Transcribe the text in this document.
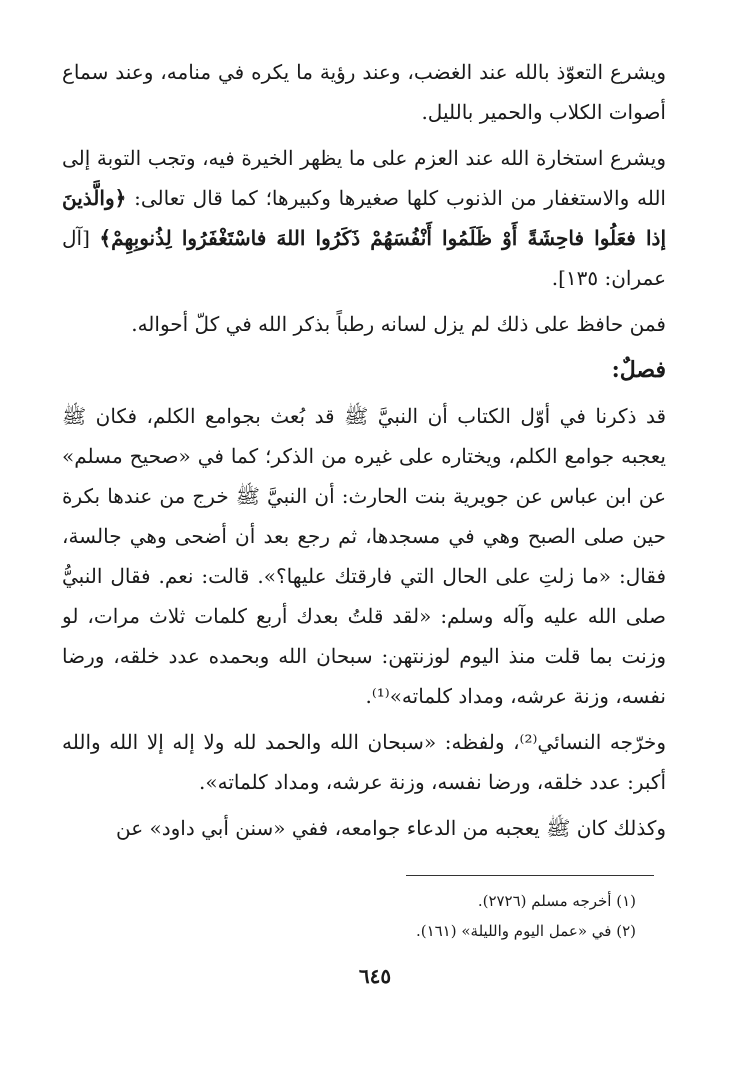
ويشرع التعوّذ بالله عند الغضب، وعند رؤية ما يكره في منامه، وعند سماع أصوات الكلاب والحمير بالليل.

ويشرع استخارة الله عند العزم على ما يظهر الخيرة فيه، وتجب التوبة إلى الله والاستغفار من الذنوب كلها صغيرها وكبيرها؛ كما قال تعالى: ﴿والَّذينَ إذا فعَلُوا فاحِشَةً أَوْ ظَلَمُوا أَنْفُسَهُمْ ذَكَرُوا اللهَ فاسْتَغْفَرُوا لِذُنوبِهِمْ﴾ [آل عمران: ١٣٥].

فمن حافظ على ذلك لم يزل لسانه رطباً بذكر الله في كلّ أحواله.

فصلٌ:

قد ذكرنا في أوّل الكتاب أن النبيَّ ﷺ قد بُعث بجوامع الكلم، فكان ﷺ يعجبه جوامع الكلم، ويختاره على غيره من الذكر؛ كما في «صحيح مسلم» عن ابن عباس عن جويرية بنت الحارث: أن النبيَّ ﷺ خرج من عندها بكرة حين صلى الصبح وهي في مسجدها، ثم رجع بعد أن أضحى وهي جالسة، فقال: «ما زلتِ على الحال التي فارقتك عليها؟». قالت: نعم. فقال النبيُّ صلى الله عليه وآله وسلم: «لقد قلتُ بعدك أربع كلمات ثلاث مرات، لو وزنت بما قلت منذ اليوم لوزنتهن: سبحان الله وبحمده عدد خلقه، ورضا نفسه، وزنة عرشه، ومداد كلماته»⁽¹⁾.

وخرّجه النسائي⁽²⁾، ولفظه: «سبحان الله والحمد لله ولا إله إلا الله والله أكبر: عدد خلقه، ورضا نفسه، وزنة عرشه، ومداد كلماته».

وكذلك كان ﷺ يعجبه من الدعاء جوامعه، ففي «سنن أبي داود» عن

(١) أخرجه مسلم (٢٧٢٦).

(٢) في «عمل اليوم والليلة» (١٦١).

٦٤٥
